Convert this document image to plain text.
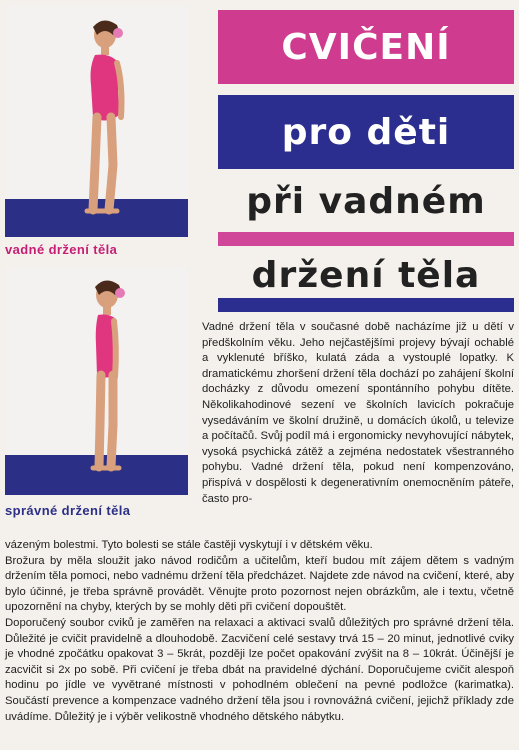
vadné držení těla
správné držení těla
CVIČENÍ
pro děti
při vadném
držení těla

Vadné držení těla v současné době nacházíme již u dětí v předškolním věku. Jeho nejčastějšími projevy bývají ochablé a vyklenuté bříško, kulatá záda a vystouplé lopatky. K dramatickému zhoršení držení těla dochází po zahájení školní docházky z důvodu omezení spontánního pohybu dítěte. Několikahodinové sezení ve školních lavicích pokračuje vysedáváním ve školní družině, u domácích úkolů, u televize a počítačů. Svůj podíl má i ergonomicky nevyhovující nábytek, vysoká psychická zátěž a zejména nedostatek všestranného pohybu. Vadné držení těla, pokud není kompenzováno, přispívá v dospělosti k degenerativním onemocněním páteře, často pro-

vázeným bolestmi. Tyto bolesti se stále častěji vyskytují i v dětském věku.

Brožura by měla sloužit jako návod rodičům a učitelům, kteří budou mít zájem dětem s vadným držením těla pomoci, nebo vadnému držení těla předcházet. Najdete zde návod na cvičení, které, aby bylo účinné, je třeba správně provádět. Věnujte proto pozornost nejen obrázkům, ale i textu, včetně upozornění na chyby, kterých by se mohly děti při cvičení dopouštět.

Doporučený soubor cviků je zaměřen na relaxaci a aktivaci svalů důležitých pro správné držení těla. Důležité je cvičit pravidelně a dlouhodobě. Zacvičení celé sestavy trvá 15 – 20 minut, jednotlivé cviky je vhodné zpočátku opakovat 3 – 5krát, později lze počet opakování zvýšit na 8 – 10krát. Účinější je zacvičit si 2x po sobě. Při cvičení je třeba dbát na pravidelné dýchání. Doporučujeme cvičit alespoň hodinu po jídle ve vyvětrané místnosti v pohodlném oblečení na pevné podložce (karimatka). Součástí prevence a kompenzace vadného držení těla jsou i rovnovážná cvičení, jejichž příklady zde uvádíme. Důležitý je i výběr velikostně vhodného dětského nábytku.
